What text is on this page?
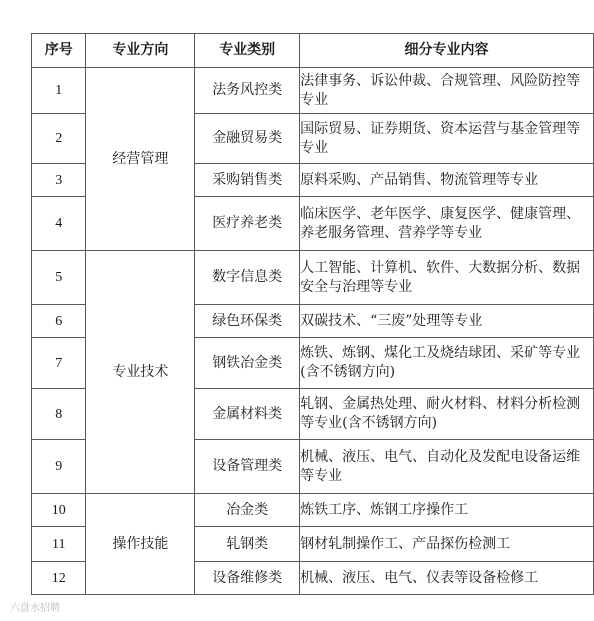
序号	专业方向	专业类别	细分专业内容
1	经营管理	法务风控类	法律事务、诉讼仲裁、合规管理、风险防控等专业
2		金融贸易类	国际贸易、证券期货、资本运营与基金管理等专业
3		采购销售类	原料采购、产品销售、物流管理等专业
4		医疗养老类	临床医学、老年医学、康复医学、健康管理、养老服务管理、营养学等专业
5	专业技术	数字信息类	人工智能、计算机、软件、大数据分析、数据安全与治理等专业
6		绿色环保类	双碳技术、“三废”处理等专业
7		钢铁冶金类	炼铁、炼钢、煤化工及烧结球团、采矿等专业(含不锈钢方向)
8		金属材料类	轧钢、金属热处理、耐火材料、材料分析检测等专业(含不锈钢方向)
9		设备管理类	机械、液压、电气、自动化及发配电设备运维等专业
10	操作技能	冶金类	炼铁工序、炼钢工序操作工
11		轧钢类	钢材轧制操作工、产品探伤检测工
12		设备维修类	机械、液压、电气、仪表等设备检修工
六盘水招聘
